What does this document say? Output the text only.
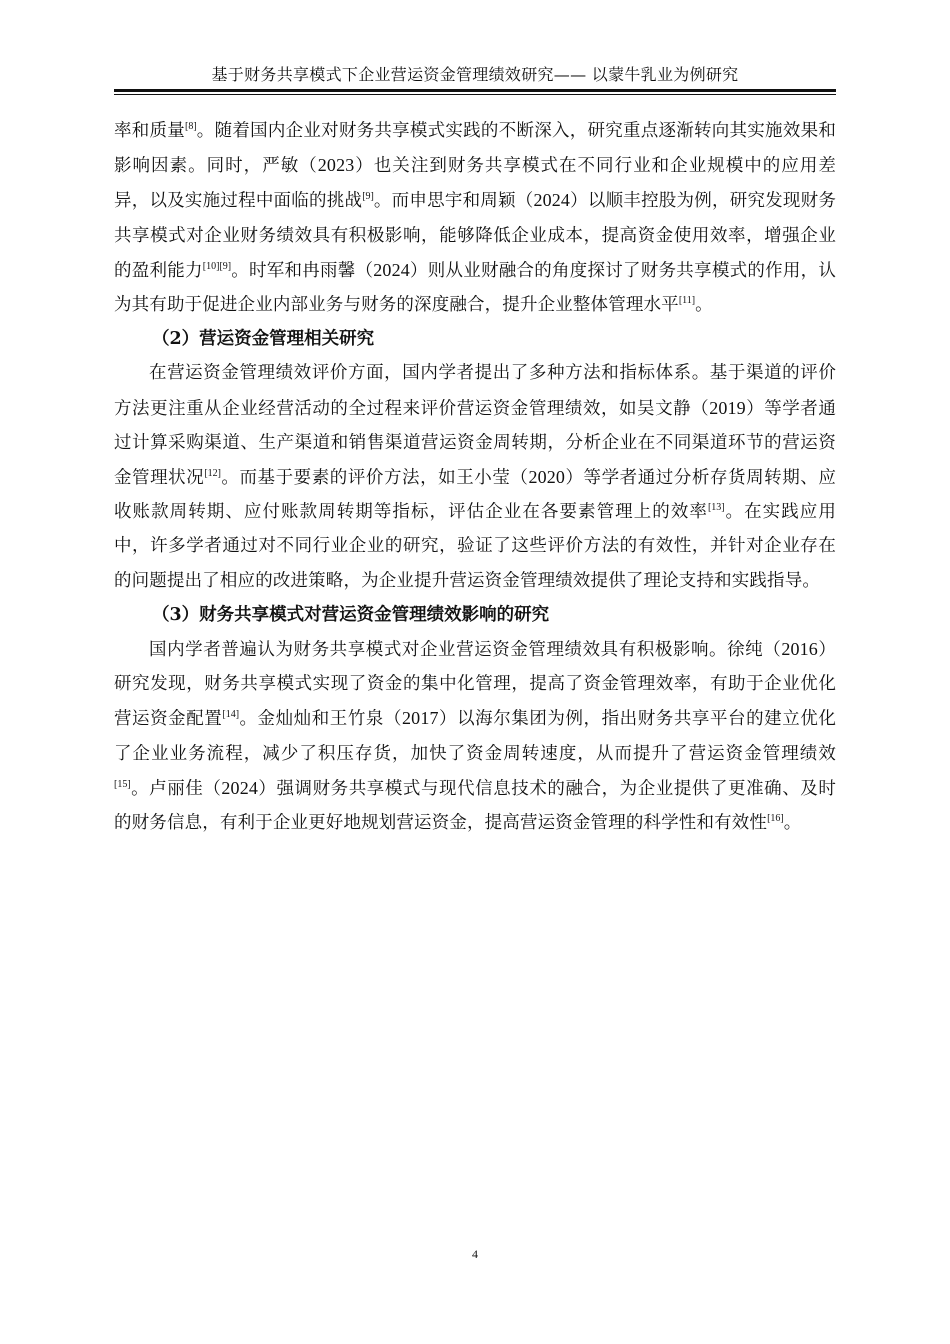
基于财务共享模式下企业营运资金管理绩效研究—— 以蒙牛乳业为例研究

率和质量[8]。随着国内企业对财务共享模式实践的不断深入，研究重点逐渐转向其实施效果和影响因素。同时，严敏（2023）也关注到财务共享模式在不同行业和企业规模中的应用差异，以及实施过程中面临的挑战[9]。而申思宇和周颖（2024）以顺丰控股为例，研究发现财务共享模式对企业财务绩效具有积极影响，能够降低企业成本，提高资金使用效率，增强企业的盈利能力[10][9]。时军和冉雨馨（2024）则从业财融合的角度探讨了财务共享模式的作用，认为其有助于促进企业内部业务与财务的深度融合，提升企业整体管理水平[11]。

（2）营运资金管理相关研究

在营运资金管理绩效评价方面，国内学者提出了多种方法和指标体系。基于渠道的评价方法更注重从企业经营活动的全过程来评价营运资金管理绩效，如吴文静（2019）等学者通过计算采购渠道、生产渠道和销售渠道营运资金周转期，分析企业在不同渠道环节的营运资金管理状况[12]。而基于要素的评价方法，如王小莹（2020）等学者通过分析存货周转期、应收账款周转期、应付账款周转期等指标，评估企业在各要素管理上的效率[13]。在实践应用中，许多学者通过对不同行业企业的研究，验证了这些评价方法的有效性，并针对企业存在的问题提出了相应的改进策略，为企业提升营运资金管理绩效提供了理论支持和实践指导。

（3）财务共享模式对营运资金管理绩效影响的研究

国内学者普遍认为财务共享模式对企业营运资金管理绩效具有积极影响。徐纯（2016）研究发现，财务共享模式实现了资金的集中化管理，提高了资金管理效率，有助于企业优化营运资金配置[14]。金灿灿和王竹泉（2017）以海尔集团为例，指出财务共享平台的建立优化了企业业务流程，减少了积压存货，加快了资金周转速度，从而提升了营运资金管理绩效[15]。卢丽佳（2024）强调财务共享模式与现代信息技术的融合，为企业提供了更准确、及时的财务信息，有利于企业更好地规划营运资金，提高营运资金管理的科学性和有效性[16]。

4
